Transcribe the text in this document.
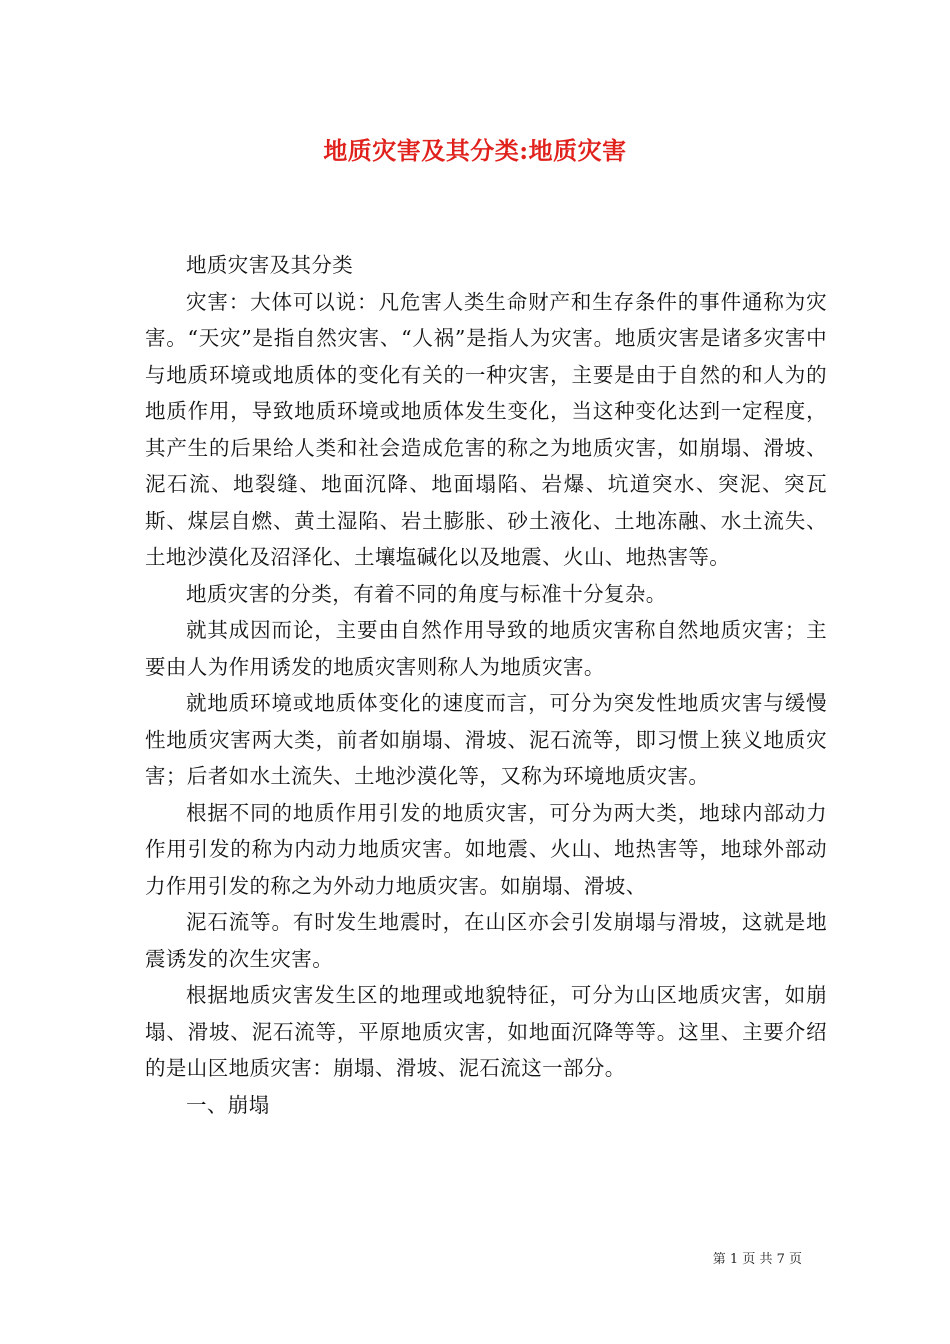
地质灾害及其分类:地质灾害

地质灾害及其分类

灾害：大体可以说：凡危害人类生命财产和生存条件的事件通称为灾害。“天灾”是指自然灾害、“人祸”是指人为灾害。地质灾害是诸多灾害中与地质环境或地质体的变化有关的一种灾害，主要是由于自然的和人为的地质作用，导致地质环境或地质体发生变化，当这种变化达到一定程度，其产生的后果给人类和社会造成危害的称之为地质灾害，如崩塌、滑坡、泥石流、地裂缝、地面沉降、地面塌陷、岩爆、坑道突水、突泥、突瓦斯、煤层自燃、黄土湿陷、岩土膨胀、砂土液化、土地冻融、水土流失、土地沙漠化及沼泽化、土壤塩碱化以及地震、火山、地热害等。

地质灾害的分类，有着不同的角度与标准十分复杂。

就其成因而论，主要由自然作用导致的地质灾害称自然地质灾害；主要由人为作用诱发的地质灾害则称人为地质灾害。

就地质环境或地质体变化的速度而言，可分为突发性地质灾害与缓慢性地质灾害两大类，前者如崩塌、滑坡、泥石流等，即习惯上狭义地质灾害；后者如水土流失、土地沙漠化等，又称为环境地质灾害。

根据不同的地质作用引发的地质灾害，可分为两大类，地球内部动力作用引发的称为内动力地质灾害。如地震、火山、地热害等，地球外部动力作用引发的称之为外动力地质灾害。如崩塌、滑坡、

泥石流等。有时发生地震时，在山区亦会引发崩塌与滑坡，这就是地震诱发的次生灾害。

根据地质灾害发生区的地理或地貌特征，可分为山区地质灾害，如崩塌、滑坡、泥石流等，平原地质灾害，如地面沉降等等。这里、主要介绍的是山区地质灾害：崩塌、滑坡、泥石流这一部分。

一、崩塌

第 1 页 共 7 页
